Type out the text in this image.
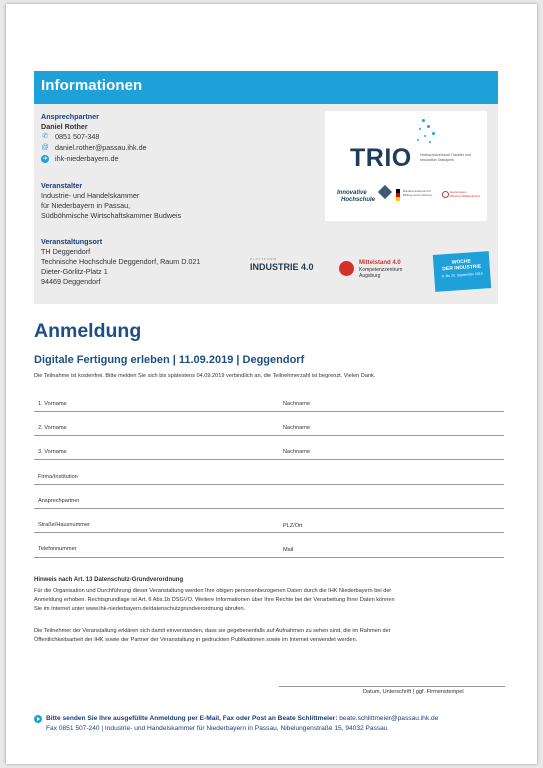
Informationen
Ansprechpartner
Daniel Rother
✆ 0851 507-348
@ daniel.rother@passau.ihk.de
➜ ihk-niederbayern.de
Veranstalter
Industrie- und Handelskammer
für Niederbayern in Passau,
Südböhmische Wirtschaftskammer Budweis
Veranstaltungsort
TH Deggendorf
Technische Hochschule Deggendorf, Raum D.021
Dieter-Görlitz-Platz 1
94469 Deggendorf
TRIO Hochschulverbund Transfer und Innovation Ostbayern
Innovative
Hochschule
Bundesministerium für Bildung und Forschung
Gemeinsame Wissenschaftskonferenz
PLATTFORM
INDUSTRIE 4.0	Mittelstand 4.0
Kompetenzzentrum
Augsburg
WOCHE
DER INDUSTRIE
9. bis 20. September 2019
Anmeldung
Digitale Fertigung erleben | 11.09.2019 | Deggendorf
Die Teilnahme ist kostenfrei. Bitte melden Sie sich bis spätestens 04.09.2019 verbindlich an, die Teilnehmerzahl ist begrenzt. Vielen Dank.
1. Vorname	Nachname
2. Vorname	Nachname
3. Vorname	Nachname
Firma/Institution
Ansprechpartner
Straße/Hausnummer	PLZ/Ort
Telefonnummer	Mail
Hinweis nach Art. 13 Datenschutz-Grundverordnung
Für die Organisation und Durchführung dieser Veranstaltung werden Ihre obigen personenbezogenen Daten durch die IHK Niederbayern bei der
Anmeldung erhoben. Rechtsgrundlage ist Art. 6 Abs.1b DSGVO. Weitere Informationen über Ihre Rechte bei der Verarbeitung Ihrer Daten können
Sie im Internet unter www.ihk-niederbayern.de/datenschutzgrundverordnung abrufen.
Die Teilnehmer der Veranstaltung erklären sich damit einverstanden, dass sie gegebenenfalls auf Aufnahmen zu sehen sind, die im Rahmen der
Öffentlichkeitsarbeit der IHK sowie der Partner der Veranstaltung in gedruckten Publikationen sowie im Internet verwendet werden.
Datum, Unterschrift | ggf. Firmenstempel
Bitte senden Sie Ihre ausgefüllte Anmeldung per E-Mail, Fax oder Post an Beate Schlittmeier: beate.schlittmeier@passau.ihk.de
Fax 0851 507-240 | Industrie- und Handelskammer für Niederbayern in Passau, Nibelungenstraße 15, 94032 Passau
